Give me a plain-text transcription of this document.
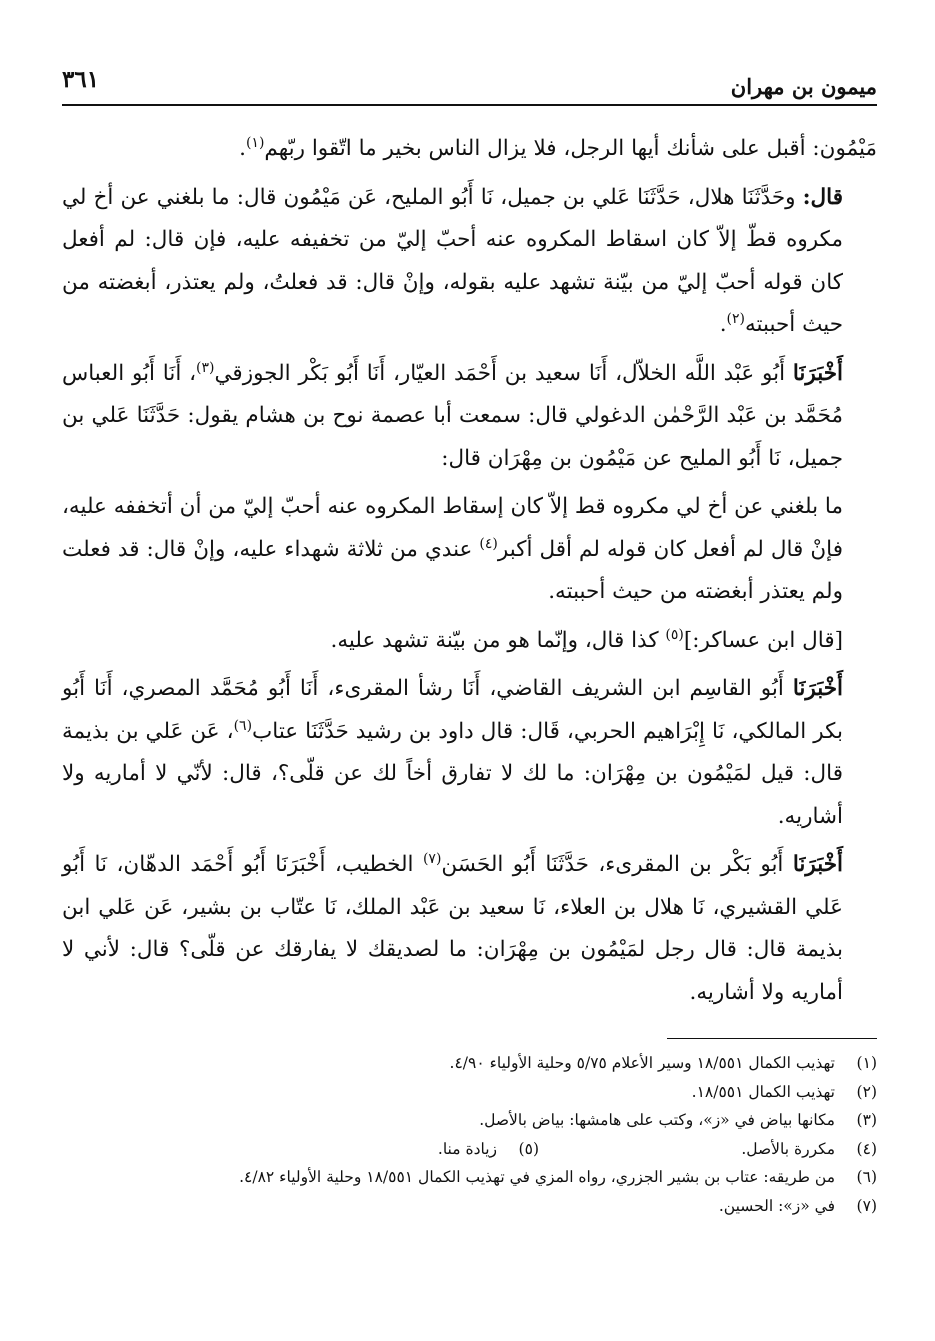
ميمون بن مهران
٣٦١

مَيْمُون: أقبل على شأنك أيها الرجل، فلا يزال الناس بخير ما اتّقوا ربّهم$^{(١)}$.

قال: وحَدَّثَنَا هلال، حَدَّثَنَا عَلي بن جميل، نَا أَبُو المليح، عَن مَيْمُون قال: ما بلغني عن أخ لي مكروه قطّ إلاّ كان اسقاط المكروه عنه أحبّ إليّ من تخفيفه عليه، فإن قال: لم أفعل كان قوله أحبّ إليّ من بيّنة تشهد عليه بقوله، وإنْ قال: قد فعلتُ، ولم يعتذر، أبغضته من حيث أحببته$^{(٢)}$.

أَخْبَرَنَا أَبُو عَبْد اللَّه الخلاّل، أَنَا سعيد بن أَحْمَد العيّار، أَنَا أَبُو بَكْر الجوزقي$^{(٣)}$، أَنَا أَبُو العباس مُحَمَّد بن عَبْد الرَّحْمٰن الدغولي قال: سمعت أبا عصمة نوح بن هشام يقول: حَدَّثَنَا عَلي بن جميل، نَا أَبُو المليح عن مَيْمُون بن مِهْرَان قال:

ما بلغني عن أخ لي مكروه قط إلاّ كان إسقاط المكروه عنه أحبّ إليّ من أن أتخففه عليه، فإنْ قال لم أفعل كان قوله لم أقل أكبر$^{(٤)}$ عندي من ثلاثة شهداء عليه، وإنْ قال: قد فعلت ولم يعتذر أبغضته من حيث أحببته.

[قال ابن عساكر:]$^{(٥)}$ كذا قال، وإنّما هو من بيّنة تشهد عليه.

أَخْبَرَنَا أَبُو القاسِم ابن الشريف القاضي، أَنَا رشأ المقرىء، أَنَا أَبُو مُحَمَّد المصري، أَنَا أَبُو بكر المالكي، نَا إِبْرَاهيم الحربي، قَال: قال داود بن رشيد حَدَّثَنَا عتاب$^{(٦)}$، عَن عَلي بن بذيمة قال: قيل لمَيْمُون بن مِهْرَان: ما لك لا تفارق أخاً لك عن قلّى؟، قال: لأنّي لا أماريه ولا أشاريه.

أَخْبَرَنَا أَبُو بَكْر بن المقرىء، حَدَّثَنَا أَبُو الحَسَن$^{(٧)}$ الخطيب، أَخْبَرَنَا أَبُو أَحْمَد الدهّان، نَا أَبُو عَلي القشيري، نَا هلال بن العلاء، نَا سعيد بن عَبْد الملك، نَا عتّاب بن بشير، عَن عَلي ابن بذيمة قال: قال رجل لمَيْمُون بن مِهْرَان: ما لصديقك لا يفارقك عن قلّى؟ قال: لأني لا أماريه ولا أشاريه.

(١)
تهذيب الكمال ١٨/٥٥١ وسير الأعلام ٥/٧٥ وحلية الأولياء ٤/٩٠.
(٢)
تهذيب الكمال ١٨/٥٥١.
(٣)
مكانها بياض في «ز»، وكتب على هامشها: بياض بالأصل.
(٤)
مكررة بالأصل.
(٥)
زيادة منا.
(٦)
من طريقه: عتاب بن بشير الجزري، رواه المزي في تهذيب الكمال ١٨/٥٥١ وحلية الأولياء ٤/٨٢.
(٧)
في «ز»: الحسين.
